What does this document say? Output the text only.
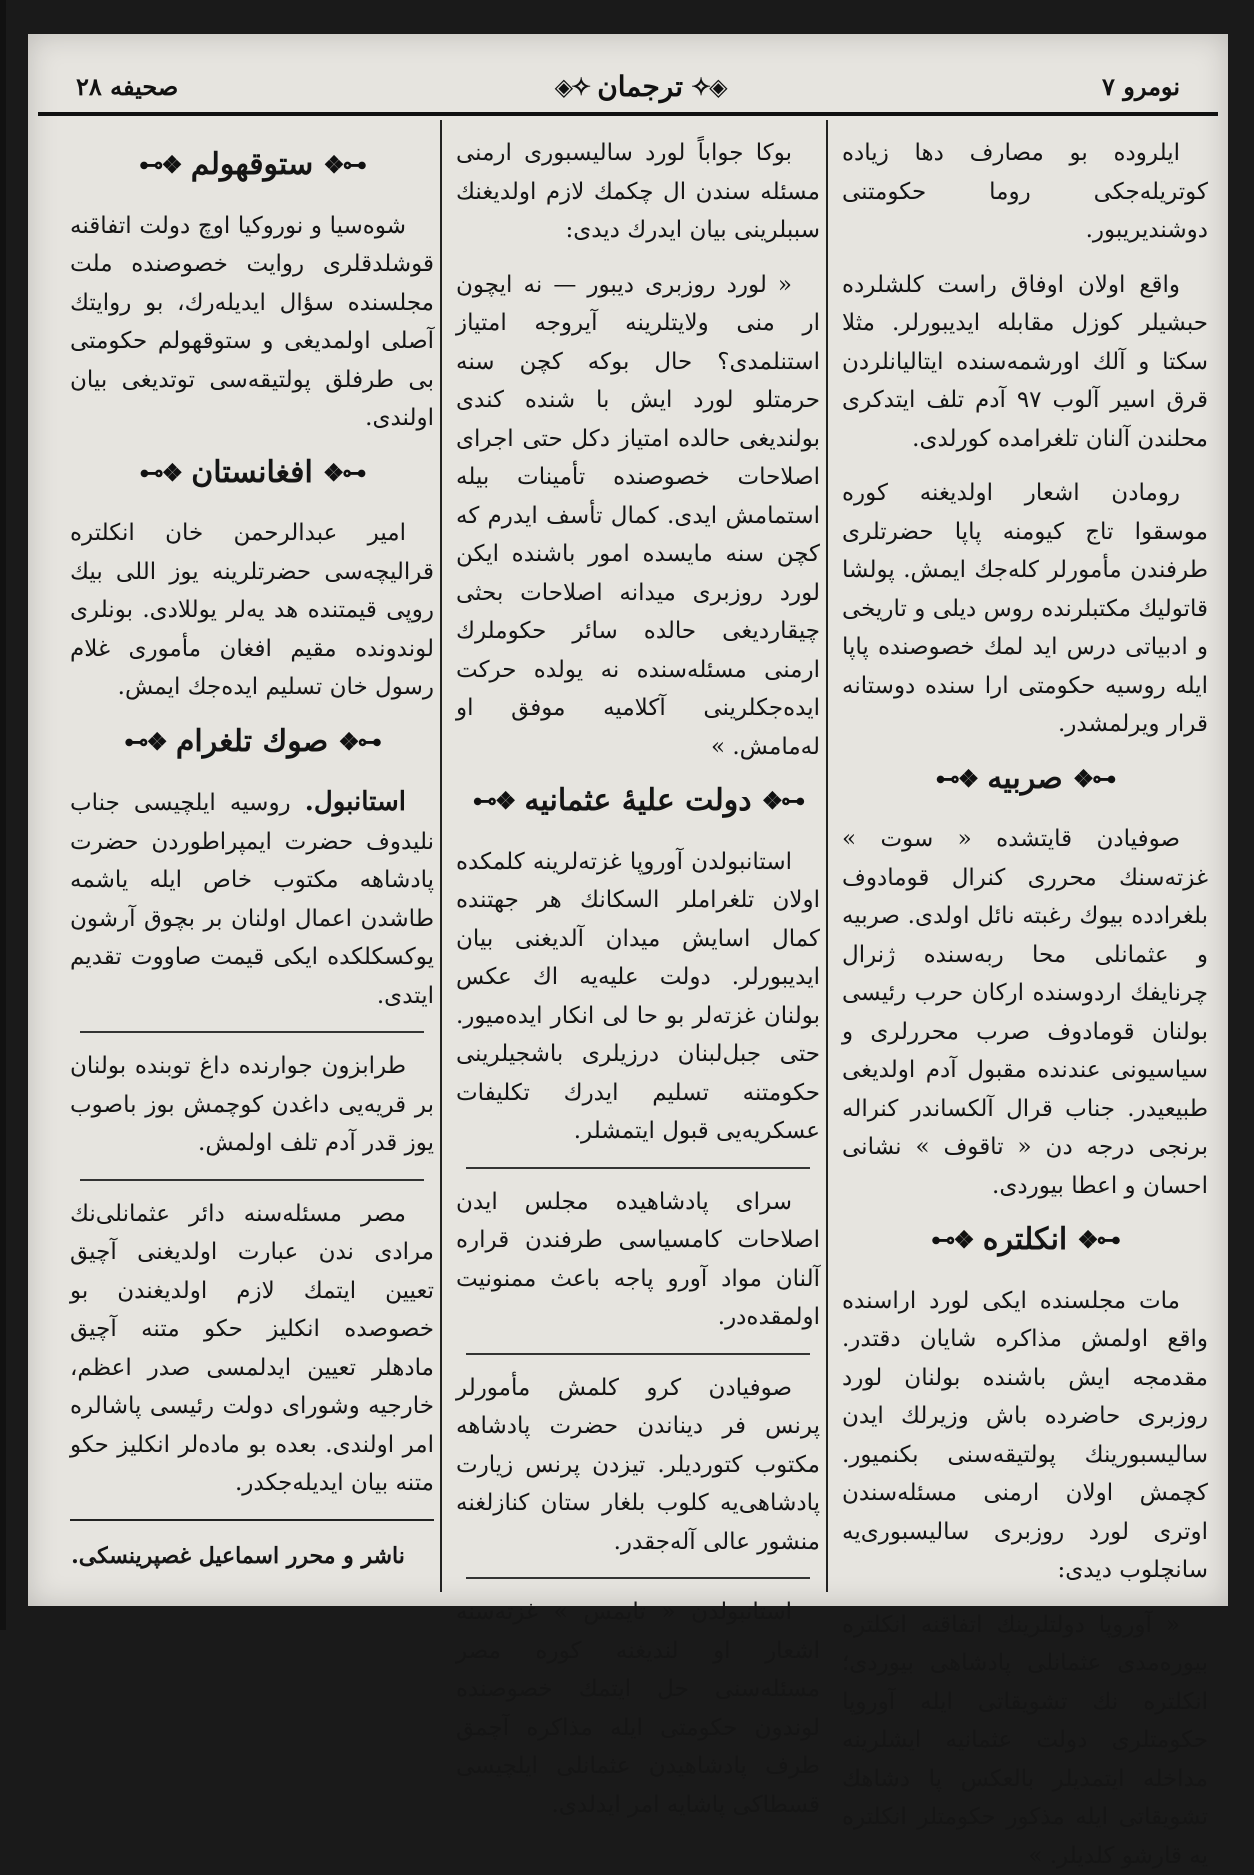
نومرو ۷
◈✧
ترجمان
✧◈
صحیفه ۲۸

ایلروده بو مصارف دها زیاده کوتریله‌جکی روما حکومتنی دوشندیریبور.

واقع اولان اوفاق راست کلشلرده حبشیلر کوزل مقابله ایدیبورلر. مثلا سکتا و آلك اورشمه‌سنده ایتالیانلردن قرق اسیر آلوب ۹۷ آدم تلف ایتدکری محلندن آلنان تلغرامده کورلدی.

رومادن اشعار اولدیغنه کوره موسقوا تاج کیومنه پاپا حضرتلری طرفندن مأمورلر کله‌جك ایمش. پولشا قاتولیك مکتبلرنده روس دیلی و تاریخی و ادبیاتی درس اید لمك خصوصنده پاپا ایله روسیه حکومتی ارا سنده دوستانه قرار ویرلمشدر.

⊷❖
صربیه
❖⊶

صوفیادن قایتشده « سوت » غزته‌سنك محرری کنرال قومادوف بلغرادده بیوك رغبته نائل اولدی. صربیه و عثمانلی محا ربه‌سنده ژنرال چرنایفك اردوسنده ارکان حرب رئیسی بولنان قومادوف صرب محررلری و سیاسیونی عندنده مقبول آدم اولدیغی طبیعیدر. جناب قرال آلکساندر کنراله برنجی درجه دن « تاقوف » نشانی احسان و اعطا بیوردی.

⊷❖
انکلتره
❖⊶

مات مجلسنده ایکی لورد اراسنده واقع اولمش مذاکره شایان دقتدر. مقدمجه ایش باشنده بولنان لورد روزبری حاضرده باش وزیرلك ایدن سالیسبورینك پولتیقه‌سنی بکنمیور. کچمش اولان ارمنی مسئله‌سندن اوتری لورد روزبری سالیسبوری‌یه سانچلوب دیدی:

« آوروپا دولتلرینك اتفاقنه انکلتره بیوره‌مدی عثمانلی پادشاهی بیوردی؛ انکلتره نك تشویقاتی ایله آوروپا حکومتلری دولت عثمانیه ایشلرینه مداخله ایتمدیلر بالعکس پا دشاهك تشویقاتی ایله مذکور حکومتلر انکلتره یه قارشو کلدیلر. »

بوکا جواباً لورد سالیسبوری ارمنی مسئله سندن ال چکمك لازم اولدیغنك سببلرینی بیان ایدرك دیدی:

« لورد روزبری دیبور — نه ایچون ار منی ولایتلرینه آیروجه امتیاز استنلمدی؟ حال بوکه کچن سنه حرمتلو لورد ایش با شنده کندی بولندیغی حالده امتیاز دکل حتی اجرای اصلاحات خصوصنده تأمینات بیله استمامش ایدی. کمال تأسف ایدرم که کچن سنه مایسده امور باشنده ایکن لورد روزبری میدانه اصلاحات بحثی چیقاردیغی حالده سائر حکوملرك ارمنی مسئله‌سنده نه یولده حرکت ایده‌جکلرینی آکلامیه موفق او له‌مامش. »

⊷❖
دولت علیهٔ عثمانیه
❖⊶

استانبولدن آوروپا غزته‌لرینه کلمکده اولان تلغراملر السکانك هر جهتنده کمال اسایش میدان آلدیغنی بیان ایدیبورلر. دولت علیه‌یه اك عکس بولنان غزته‌لر بو حا لی انکار ایده‌میور. حتی جبل‌لبنان درزیلری باشجیلرینی حکومتنه تسلیم ایدرك تکلیفات عسکریه‌یی قبول ایتمشلر.

سرای پادشاهیده مجلس ایدن اصلاحات کامسیاسی طرفندن قراره آلنان مواد آورو پاجه باعث ممنونیت اولمقده‌در.

صوفیادن کرو کلمش مأمورلر پرنس فر دیناندن حضرت پادشاهه مکتوب کتوردیلر. تیزدن پرنس زیارت پادشاهی‌یه کلوب بلغار ستان کنازلغنه منشور عالی آله‌جقدر.

استانبولدن « تایمس » غزته‌سنه اشعار او لندیغنه کوره مصر مسئله‌سنی حل ایتمك خصوصنده لوندون حکومتی ایله مذاکره آچمق طرف پادشاهیدن عثمانلی ایلچیسی قسطاکی پاشایه امر ایدلدی.

⊷❖
ستوقهولم
❖⊶

شوه‌سیا و نوروکیا اوچ دولت اتفاقنه قوشلدقلری روایت خصوصنده ملت مجلسنده سؤال ایدیله‌رك، بو روایتك آصلی اولمدیغی و ستوقهولم حکومتی بی طرفلق پولتیقه‌سی توتدیغی بیان اولندی.

⊷❖
افغانستان
❖⊶

امیر عبدالرحمن خان انکلتره قرالیچه‌سی حضرتلرینه یوز اللی بیك روپی قیمتنده هد یه‌لر یوللادی. بونلری لوندونده مقیم افغان مأموری غلام رسول خان تسلیم ایده‌جك ایمش.

⊷❖
صوك تلغرام
❖⊶

استانبول. روسیه ایلچیسی جناب نلیدوف حضرت ایمپراطوردن حضرت پادشاهه مکتوب خاص ایله یاشمه طاشدن اعمال اولنان بر بچوق آرشون یوکسکلکده ایکی قیمت صاووت تقدیم ایتدی.

طرابزون جوارنده داغ توبنده بولنان بر قریه‌یی داغدن کوچمش بوز باصوب یوز قدر آدم تلف اولمش.

مصر مسئله‌سنه دائر عثمانلی‌نك مرادی ندن عبارت اولدیغنی آچیق تعیین ایتمك لازم اولدیغندن بو خصوصده انکلیز حکو متنه آچیق مادهلر تعیین ایدلمسی صدر اعظم، خارجیه وشورای دولت رئیسی پاشالره امر اولندی. بعده بو ماده‌لر انکلیز حکو متنه بیان ایدیله‌جکدر.

ناشر و محرر اسماعیل غصپرینسکی.
